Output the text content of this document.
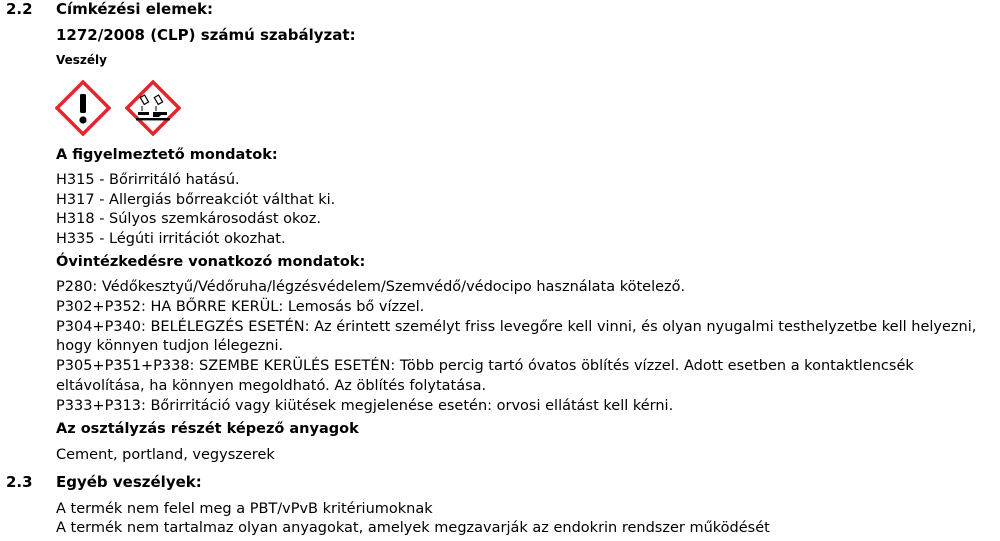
2.2 Címkézési elemek:
1272/2008 (CLP) számú szabályzat:
Veszély
A figyelmeztető mondatok:
H315 - Bőrirritáló hatású.
H317 - Allergiás bőrreakciót válthat ki.
H318 - Súlyos szemkárosodást okoz.
H335 - Légúti irritációt okozhat.
Óvintézkedésre vonatkozó mondatok:
P280: Védőkesztyű/Védőruha/légzésvédelem/Szemvédő/védocipo használata kötelező.
P302+P352: HA BŐRRE KERÜL: Lemosás bő vízzel.
P304+P340: BELÉLEGZÉS ESETÉN: Az érintett személyt friss levegőre kell vinni, és olyan nyugalmi testhelyzetbe kell helyezni,
hogy könnyen tudjon lélegezni.
P305+P351+P338: SZEMBE KERÜLÉS ESETÉN: Több percig tartó óvatos öblítés vízzel. Adott esetben a kontaktlencsék
eltávolítása, ha könnyen megoldható. Az öblítés folytatása.
P333+P313: Bőrirritáció vagy kiütések megjelenése esetén: orvosi ellátást kell kérni.
Az osztályzás részét képező anyagok
Cement, portland, vegyszerek
2.3 Egyéb veszélyek:
A termék nem felel meg a PBT/vPvB kritériumoknak
A termék nem tartalmaz olyan anyagokat, amelyek megzavarják az endokrin rendszer működését
